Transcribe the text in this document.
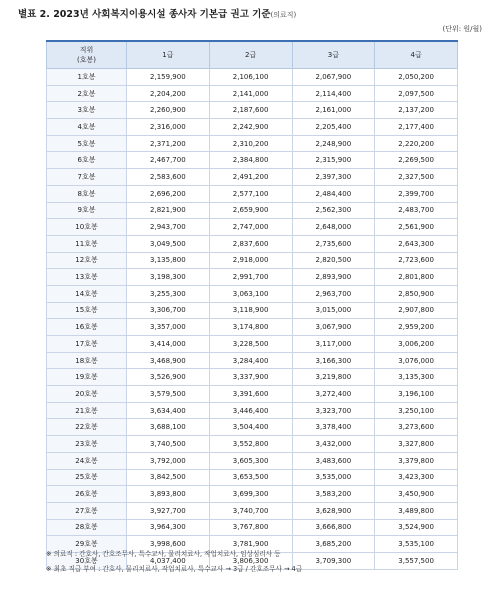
별표 2. 2023년 사회복지이용시설 종사자 기본급 권고 기준(의료직)
(단위: 원/월)
직위
(호봉)	1급	2급	3급	4급
1호봉	2,159,900	2,106,100	2,067,900	2,050,200
2호봉	2,204,200	2,141,000	2,114,400	2,097,500
3호봉	2,260,900	2,187,600	2,161,000	2,137,200
4호봉	2,316,000	2,242,900	2,205,400	2,177,400
5호봉	2,371,200	2,310,200	2,248,900	2,220,200
6호봉	2,467,700	2,384,800	2,315,900	2,269,500
7호봉	2,583,600	2,491,200	2,397,300	2,327,500
8호봉	2,696,200	2,577,100	2,484,400	2,399,700
9호봉	2,821,900	2,659,900	2,562,300	2,483,700
10호봉	2,943,700	2,747,000	2,648,000	2,561,900
11호봉	3,049,500	2,837,600	2,735,600	2,643,300
12호봉	3,135,800	2,918,000	2,820,500	2,723,600
13호봉	3,198,300	2,991,700	2,893,900	2,801,800
14호봉	3,255,300	3,063,100	2,963,700	2,850,900
15호봉	3,306,700	3,118,900	3,015,000	2,907,800
16호봉	3,357,000	3,174,800	3,067,900	2,959,200
17호봉	3,414,000	3,228,500	3,117,000	3,006,200
18호봉	3,468,900	3,284,400	3,166,300	3,076,000
19호봉	3,526,900	3,337,900	3,219,800	3,135,300
20호봉	3,579,500	3,391,600	3,272,400	3,196,100
21호봉	3,634,400	3,446,400	3,323,700	3,250,100
22호봉	3,688,100	3,504,400	3,378,400	3,273,600
23호봉	3,740,500	3,552,800	3,432,000	3,327,800
24호봉	3,792,000	3,605,300	3,483,600	3,379,800
25호봉	3,842,500	3,653,500	3,535,000	3,423,300
26호봉	3,893,800	3,699,300	3,583,200	3,450,900
27호봉	3,927,700	3,740,700	3,628,900	3,489,800
28호봉	3,964,300	3,767,800	3,666,800	3,524,900
29호봉	3,998,600	3,781,900	3,685,200	3,535,100
30호봉	4,037,400	3,806,300	3,709,300	3,557,500
※ 의료직 : 간호사, 간호조무사, 특수교사, 물리치료사, 작업치료사, 임상심리사 등
※ 최초 직급 부여 : 간호사, 물리치료사, 작업치료사, 특수교사 → 3급 / 간호조무사 → 4급
